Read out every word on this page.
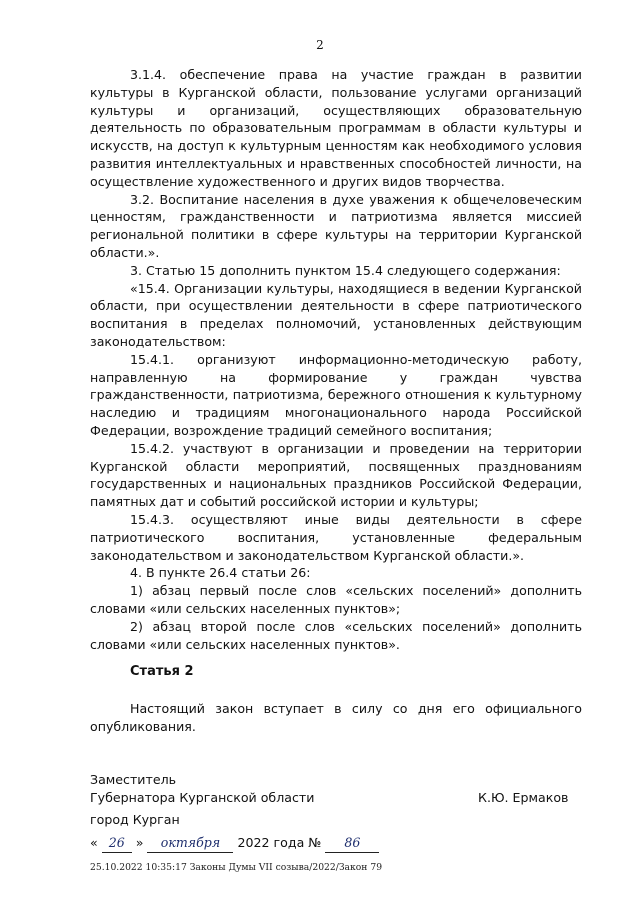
2

3.1.4. обеспечение права на участие граждан в развитии культуры в Курганской области, пользование услугами организаций культуры и организаций, осуществляющих образовательную деятельность по образовательным программам в области культуры и искусств, на доступ к культурным ценностям как необходимого условия развития интеллектуальных и нравственных способностей личности, на осуществление художественного и других видов творчества.

3.2. Воспитание населения в духе уважения к общечеловеческим ценностям, гражданственности и патриотизма является миссией региональной политики в сфере культуры на территории Курганской области.».

3. Статью 15 дополнить пунктом 15.4 следующего содержания:

«15.4. Организации культуры, находящиеся в ведении Курганской области, при осуществлении деятельности в сфере патриотического воспитания в пределах полномочий, установленных действующим законодательством:

15.4.1. организуют информационно-методическую работу, направленную на формирование у граждан чувства гражданственности, патриотизма, бережного отношения к культурному наследию и традициям многонационального народа Российской Федерации, возрождение традиций семейного воспитания;

15.4.2. участвуют в организации и проведении на территории Курганской области мероприятий, посвященных празднованиям государственных и национальных праздников Российской Федерации, памятных дат и событий российской истории и культуры;

15.4.3. осуществляют иные виды деятельности в сфере патриотического воспитания, установленные федеральным законодательством и законодательством Курганской области.».

4. В пункте 26.4 статьи 26:

1) абзац первый после слов «сельских поселений» дополнить словами «или сельских населенных пунктов»;

2) абзац второй после слов «сельских поселений» дополнить словами «или сельских населенных пунктов».

Статья 2
Настоящий закон вступает в силу со дня его официального опубликования.
Заместитель
Губернатора Курганской области	К.Ю. Ермаков
город Курган
« 26 » октября 2022 года № 86
25.10.2022 10:35:17 Законы Думы VII созыва/2022/Закон 79
